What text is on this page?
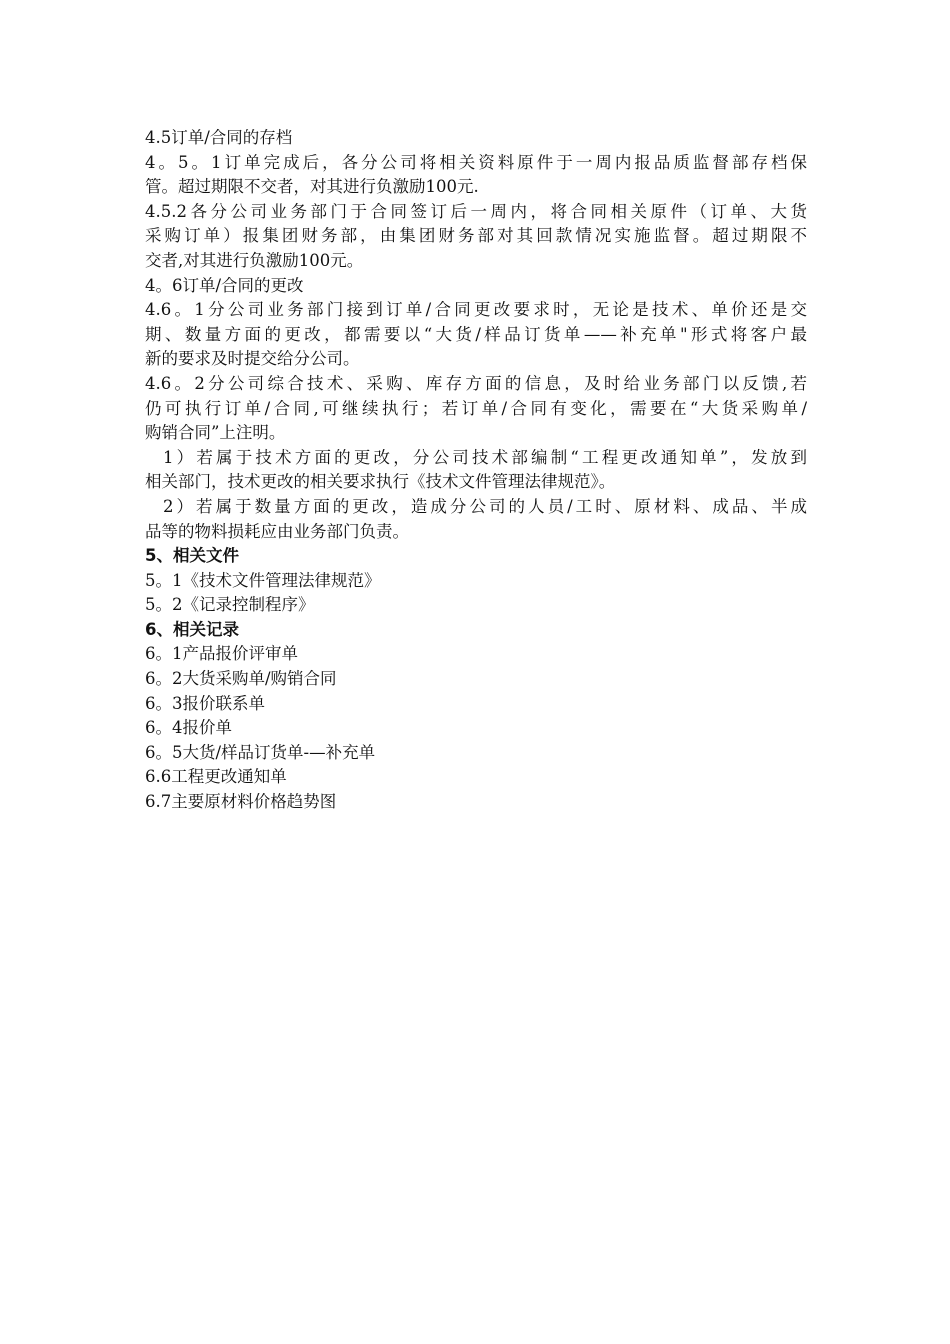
4.5订单/合同的存档

4。5。1订单完成后，各分公司将相关资料原件于一周内报品质监督部存档保

管。超过期限不交者，对其进行负激励100元.

4.5.2各分公司业务部门于合同签订后一周内，将合同相关原件（订单、大货

采购订单）报集团财务部，由集团财务部对其回款情况实施监督。超过期限不

交者,对其进行负激励100元。

4。6订单/合同的更改

4.6。1分公司业务部门接到订单/合同更改要求时，无论是技术、单价还是交

期、数量方面的更改，都需要以“大货/样品订货单——补充单"形式将客户最

新的要求及时提交给分公司。

4.6。2分公司综合技术、采购、库存方面的信息，及时给业务部门以反馈,若

仍可执行订单/合同,可继续执行；若订单/合同有变化，需要在“大货采购单/

购销合同”上注明。

1）若属于技术方面的更改，分公司技术部编制“工程更改通知单”，发放到

相关部门，技术更改的相关要求执行《技术文件管理法律规范》。

2）若属于数量方面的更改，造成分公司的人员/工时、原材料、成品、半成

品等的物料损耗应由业务部门负责。

5、相关文件

5。1《技术文件管理法律规范》

5。2《记录控制程序》

6、相关记录

6。1产品报价评审单

6。2大货采购单/购销合同

6。3报价联系单

6。4报价单

6。5大货/样品订货单-—补充单

6.6工程更改通知单

6.7主要原材料价格趋势图
